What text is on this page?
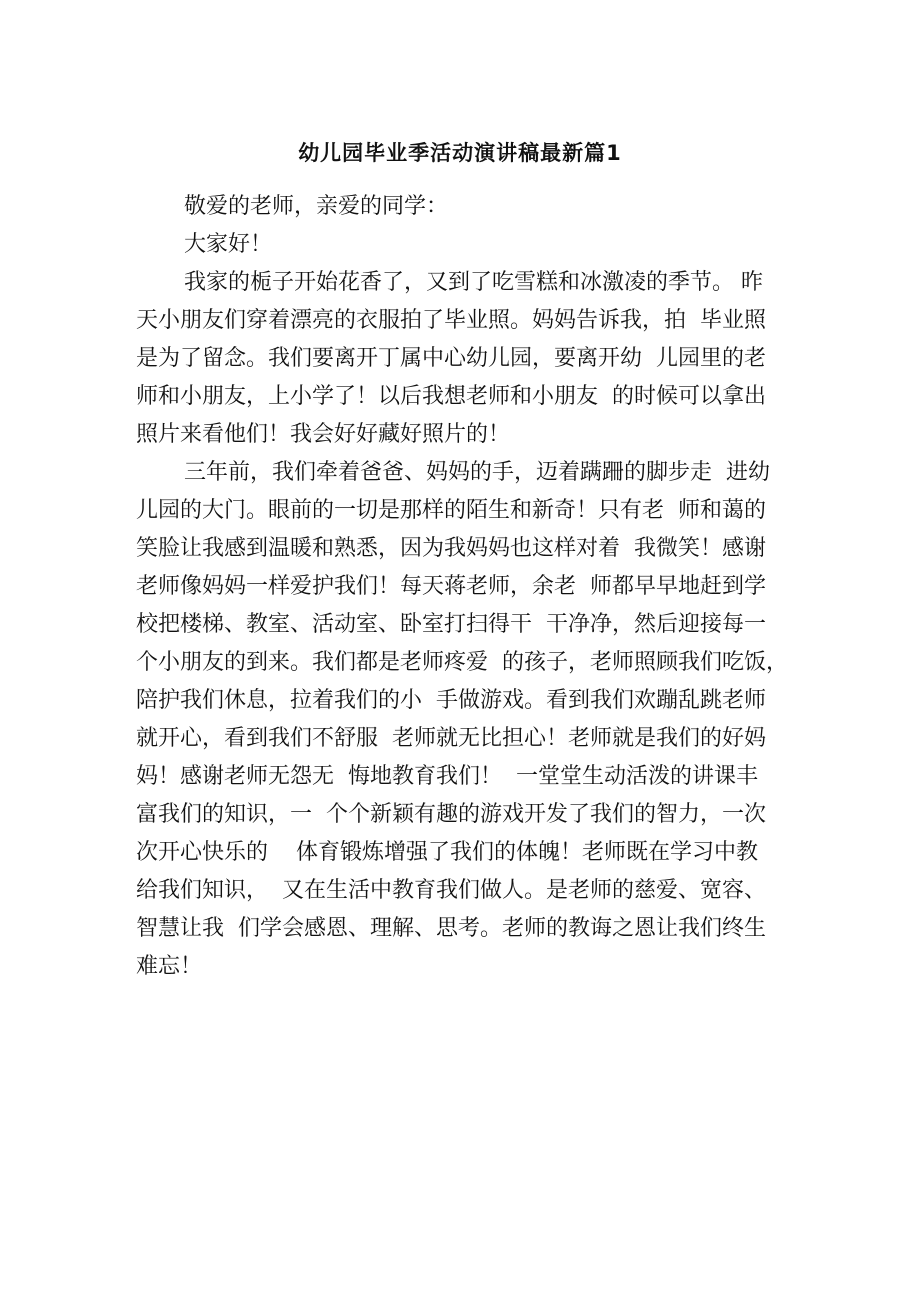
幼儿园毕业季活动演讲稿最新篇1
敬爱的老师，亲爱的同学：
大家好！
我家的栀子开始花香了，又到了吃雪糕和冰激凌的季节。 昨
天小朋友们穿着漂亮的衣服拍了毕业照。妈妈告诉我，拍  毕业照
是为了留念。我们要离开丁属中心幼儿园，要离开幼  儿园里的老
师和小朋友，上小学了！以后我想老师和小朋友  的时候可以拿出
照片来看他们！我会好好藏好照片的！
三年前，我们牵着爸爸、妈妈的手，迈着蹒跚的脚步走  进幼
儿园的大门。眼前的一切是那样的陌生和新奇！只有老  师和蔼的
笑脸让我感到温暖和熟悉，因为我妈妈也这样对着  我微笑！感谢
老师像妈妈一样爱护我们！每天蒋老师，余老  师都早早地赶到学
校把楼梯、教室、活动室、卧室打扫得干  干净净，然后迎接每一
个小朋友的到来。我们都是老师疼爱  的孩子，老师照顾我们吃饭，
陪护我们休息，拉着我们的小  手做游戏。看到我们欢蹦乱跳老师
就开心，看到我们不舒服  老师就无比担心！老师就是我们的好妈
妈！感谢老师无怨无  悔地教育我们！  一堂堂生动活泼的讲课丰
富我们的知识，一  个个新颖有趣的游戏开发了我们的智力，一次
次开心快乐的    体育锻炼增强了我们的体魄！老师既在学习中教
给我们知识，  又在生活中教育我们做人。是老师的慈爱、宽容、
智慧让我  们学会感恩、理解、思考。老师的教诲之恩让我们终生
难忘！
